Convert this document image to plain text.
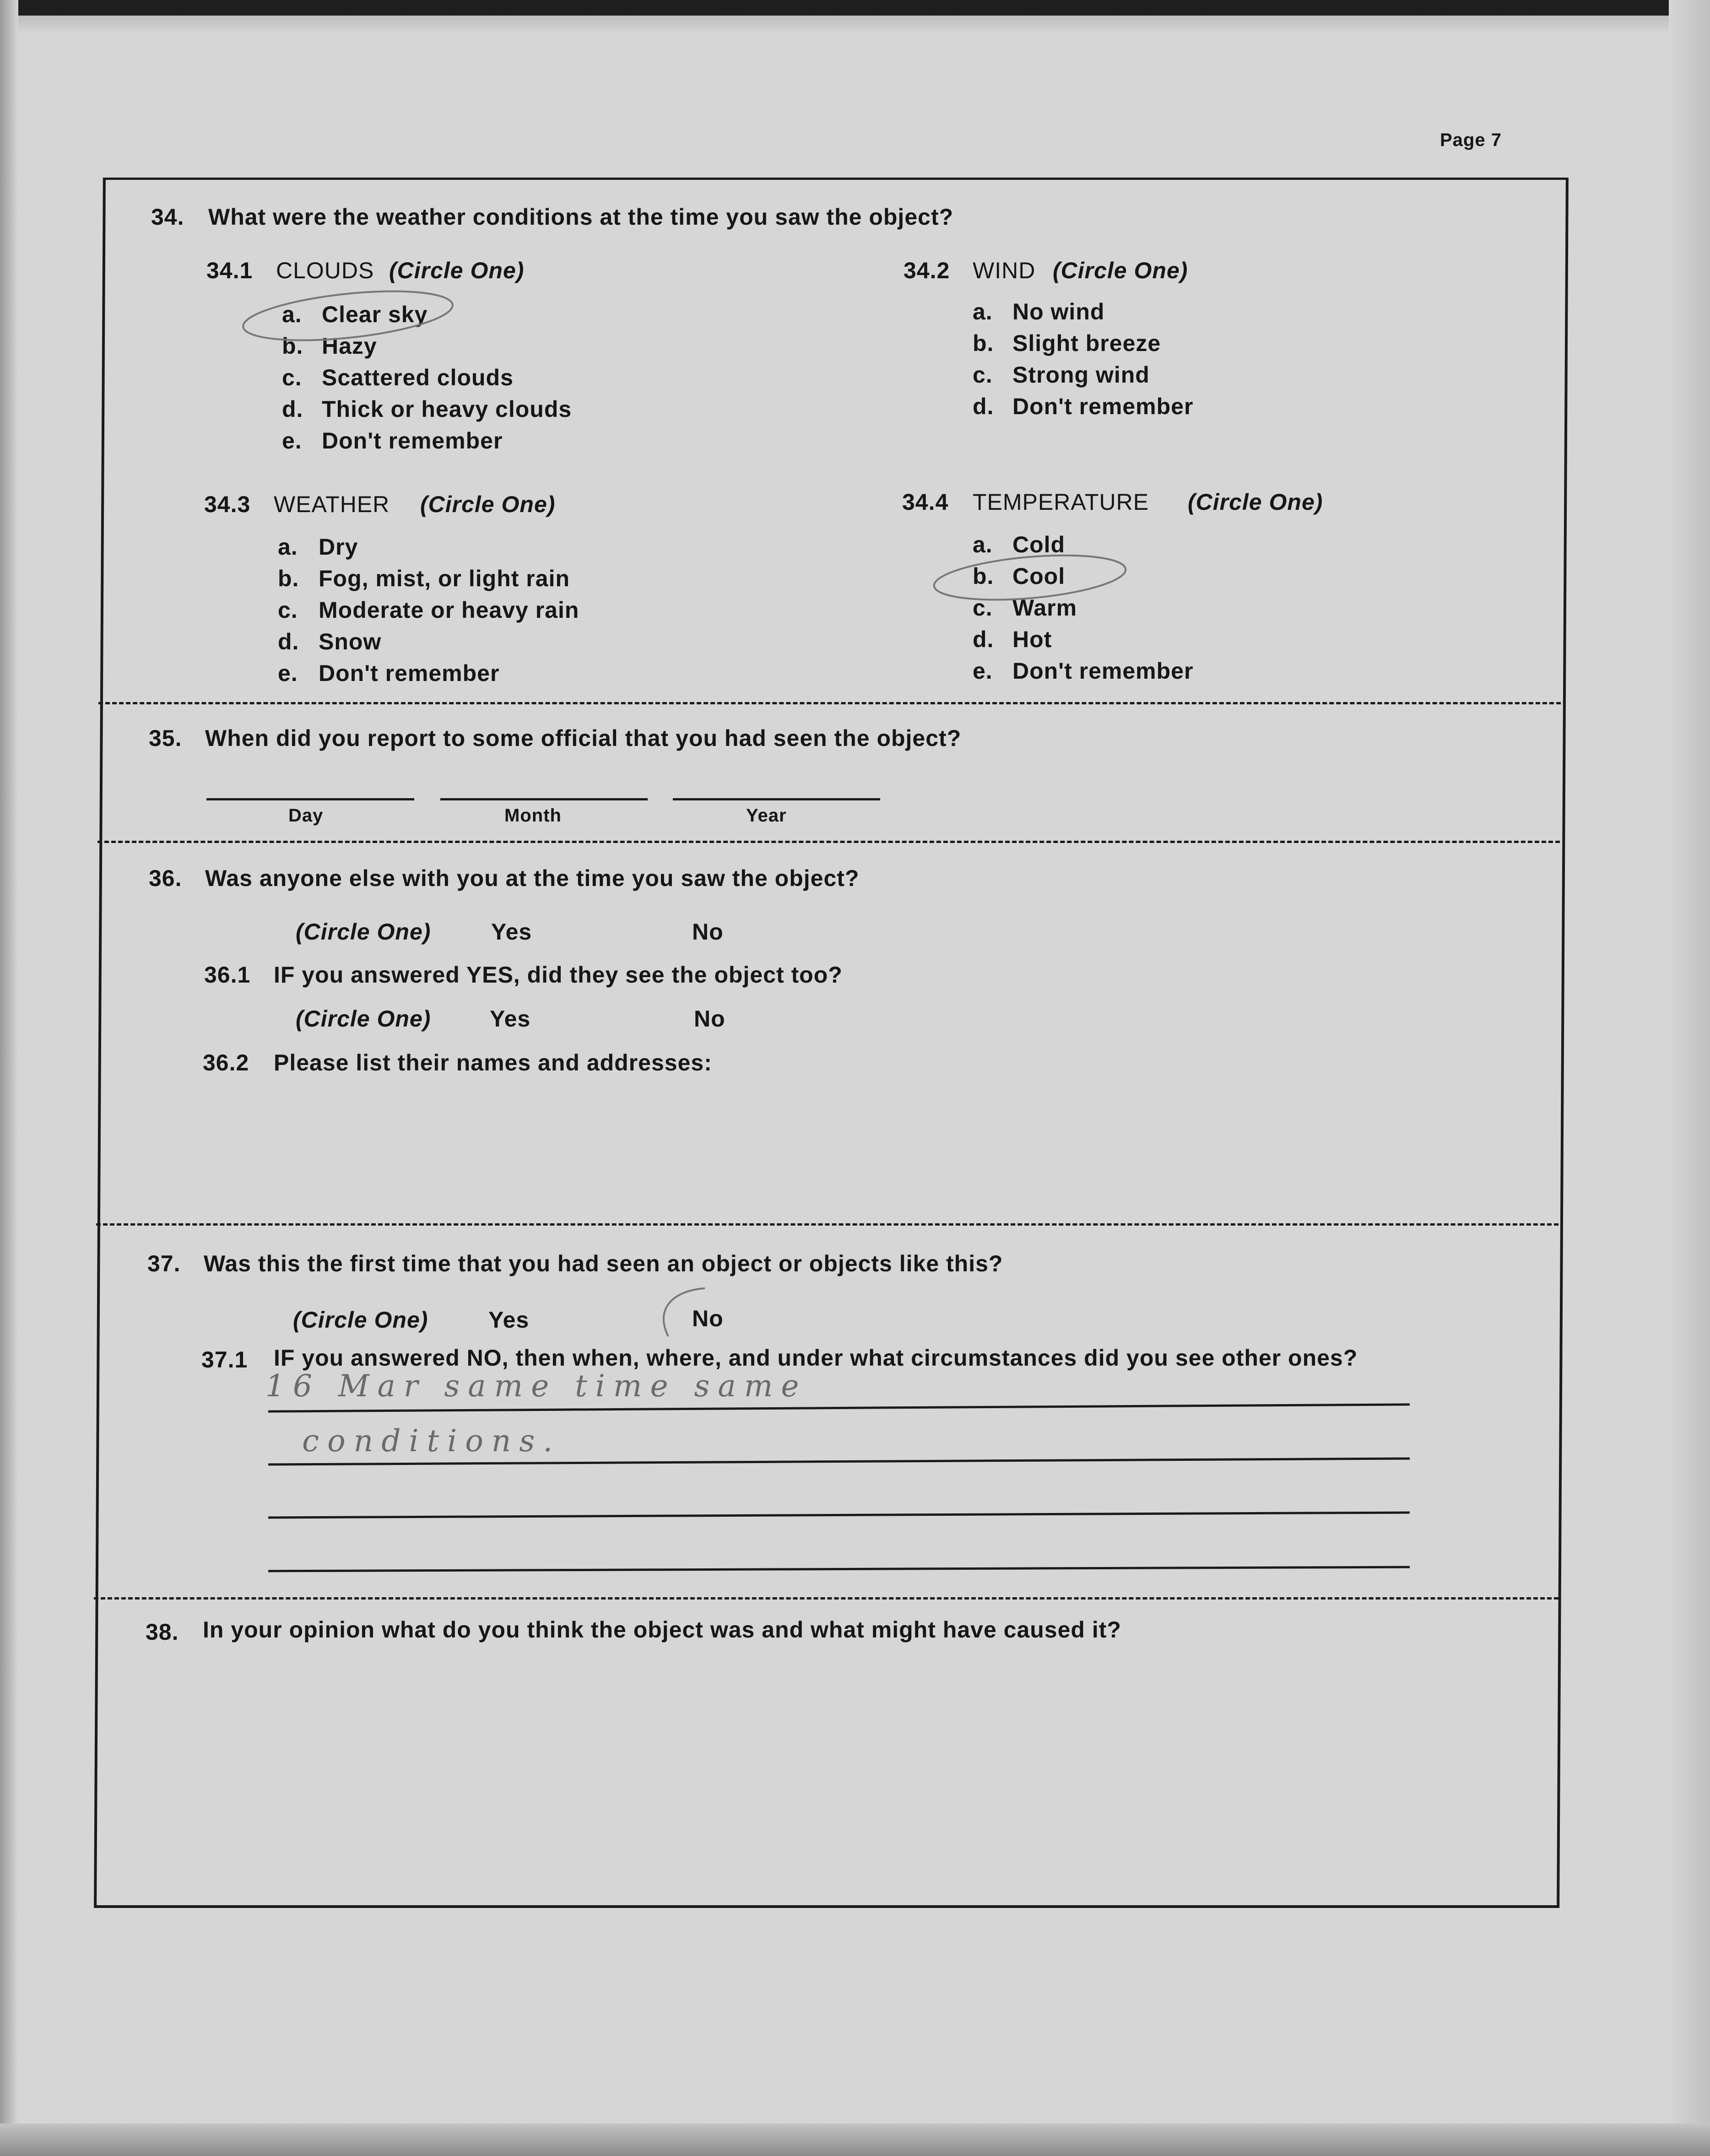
Page 7
34. What were the weather conditions at the time you saw the object?
34.1 CLOUDS (Circle One)	34.2 WIND (Circle One)
34.3 WEATHER (Circle One)	34.4 TEMPERATURE (Circle One)
a. Clear sky
b. Hazy
c. Scattered clouds
d. Thick or heavy clouds
e. Don't remember
a. No wind
b. Slight breeze
c. Strong wind
d. Don't remember
a. Dry
b. Fog, mist, or light rain
c. Moderate or heavy rain
d. Snow
e. Don't remember
a. Cold
b. Cool
c. Warm
d. Hot
e. Don't remember
35. When did you report to some official that you had seen the object?
Day	Month	Year
36. Was anyone else with you at the time you saw the object?
(Circle One)	Yes	No
36.1 IF you answered YES, did they see the object too?
(Circle One)	Yes	No
36.2 Please list their names and addresses:
37. Was this the first time that you had seen an object or objects like this?
(Circle One)	Yes	No
37.1 IF you answered NO, then when, where, and under what circumstances did you see other ones?
16 Mar same time same
conditions.
38. In your opinion what do you think the object was and what might have caused it?
